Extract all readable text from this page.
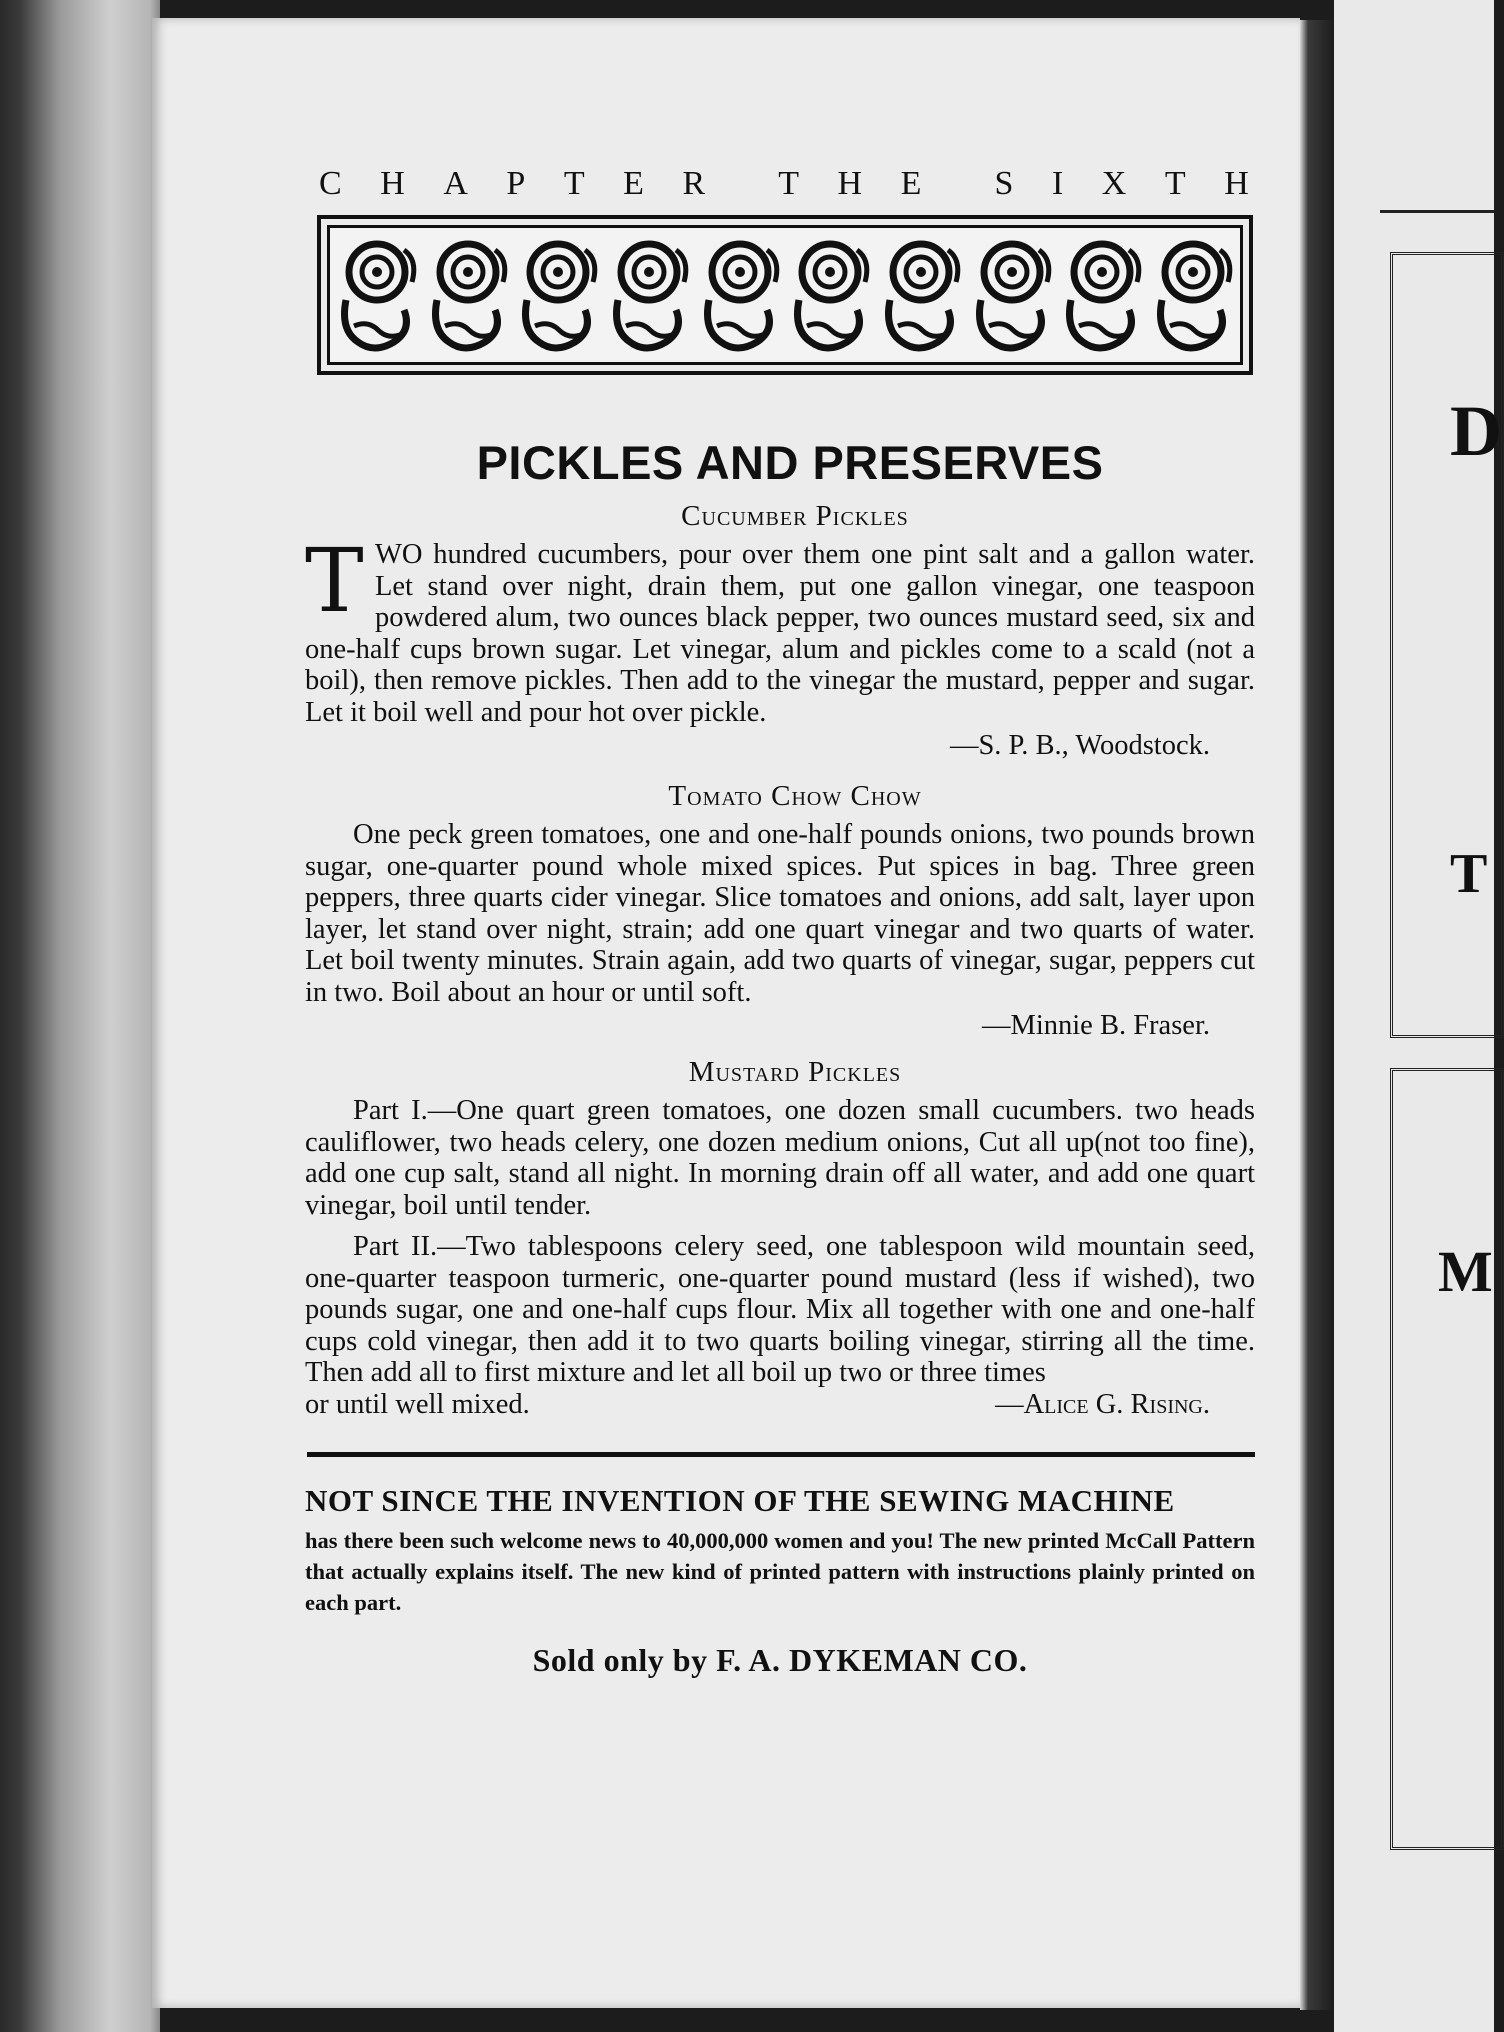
D
T
M
C H A P T E R T H E S I X T H
PICKLES AND PRESERVES
Cucumber Pickles

TWO hundred cucumbers, pour over them one pint salt and a gallon water. Let stand over night, drain them, put one gallon vinegar, one teaspoon powdered alum, two ounces black pepper, two ounces mustard seed, six and one-half cups brown sugar. Let vinegar, alum and pickles come to a scald (not a boil), then remove pickles. Then add to the vinegar the mustard, pepper and sugar. Let it boil well and pour hot over pickle.

—S. P. B., Woodstock.
Tomato Chow Chow

One peck green tomatoes, one and one-half pounds onions, two pounds brown sugar, one-quarter pound whole mixed spices. Put spices in bag. Three green peppers, three quarts cider vinegar. Slice tomatoes and onions, add salt, layer upon layer, let stand over night, strain; add one quart vinegar and two quarts of water. Let boil twenty minutes. Strain again, add two quarts of vinegar, sugar, peppers cut in two. Boil about an hour or until soft.

—Minnie B. Fraser.
Mustard Pickles

Part I.—One quart green tomatoes, one dozen small cucumbers. two heads cauliflower, two heads celery, one dozen medium onions, Cut all up(not too fine), add one cup salt, stand all night. In morning drain off all water, and add one quart vinegar, boil until tender.

Part II.—Two tablespoons celery seed, one tablespoon wild mountain seed, one-quarter teaspoon turmeric, one-quarter pound mustard (less if wished), two pounds sugar, one and one-half cups flour. Mix all together with one and one-half cups cold vinegar, then add it to two quarts boiling vinegar, stirring all the time. Then add all to first mixture and let all boil up two or three times

or until well mixed.	—Alice G. Rising.
NOT SINCE THE INVENTION OF THE SEWING MACHINE
has there been such welcome news to 40,000,000 women and you! The new printed McCall Pattern that actually explains itself. The new kind of printed pattern with instructions plainly printed on each part.
Sold only by F. A. DYKEMAN CO.
